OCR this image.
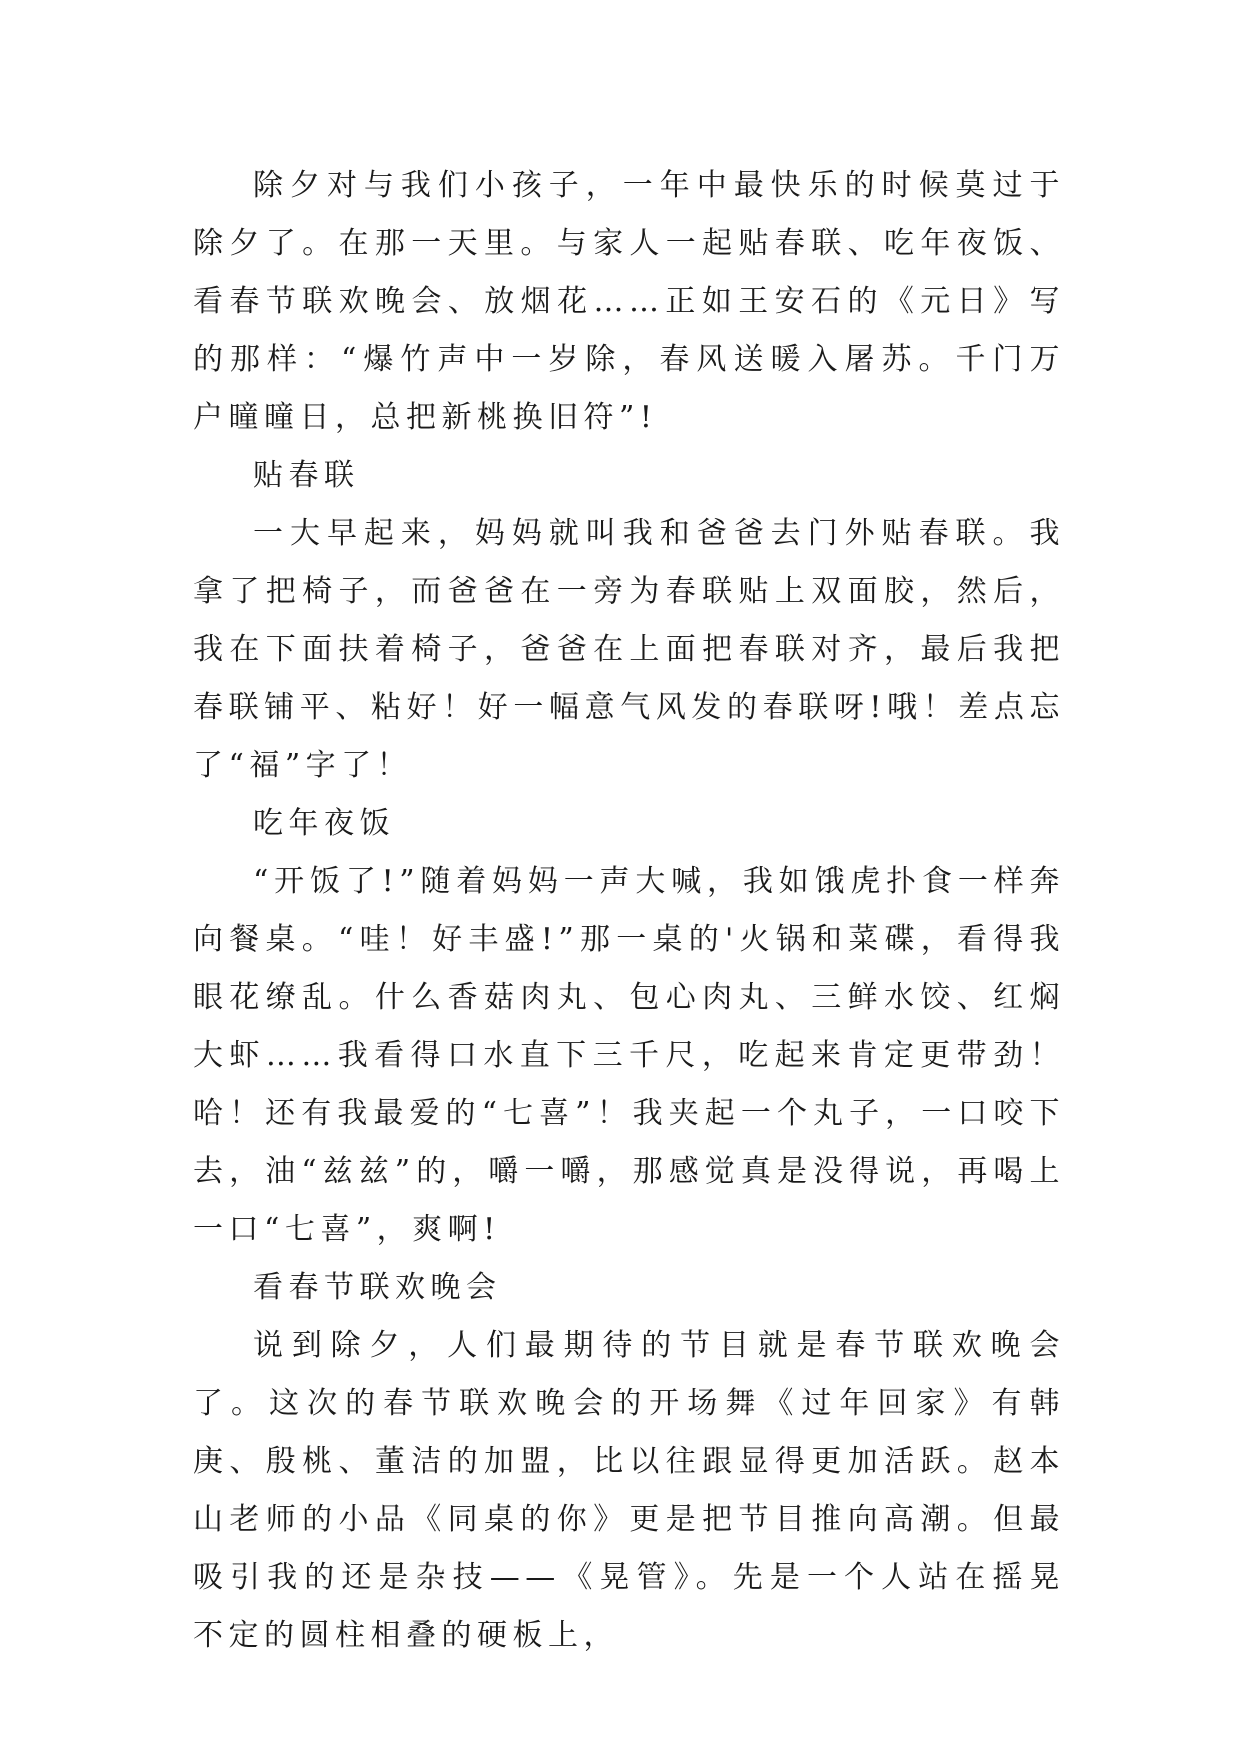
除夕对与我们小孩子，一年中最快乐的时候莫过于除夕了。在那一天里。与家人一起贴春联、吃年夜饭、看春节联欢晚会、放烟花……正如王安石的《元日》写的那样：“爆竹声中一岁除，春风送暖入屠苏。千门万户曈曈日，总把新桃换旧符”!

贴春联

一大早起来，妈妈就叫我和爸爸去门外贴春联。我拿了把椅子，而爸爸在一旁为春联贴上双面胶，然后，我在下面扶着椅子，爸爸在上面把春联对齐，最后我把春联铺平、粘好！好一幅意气风发的春联呀!哦！差点忘了“福”字了！

吃年夜饭

“开饭了!”随着妈妈一声大喊，我如饿虎扑食一样奔向餐桌。“哇！好丰盛!”那一桌的'火锅和菜碟，看得我眼花缭乱。什么香菇肉丸、包心肉丸、三鲜水饺、红焖大虾……我看得口水直下三千尺，吃起来肯定更带劲！哈！还有我最爱的“七喜”！我夹起一个丸子，一口咬下去，油“兹兹”的，嚼一嚼，那感觉真是没得说，再喝上一口“七喜”，爽啊!

看春节联欢晚会

说到除夕，人们最期待的节目就是春节联欢晚会了。这次的春节联欢晚会的开场舞《过年回家》有韩庚、殷桃、董洁的加盟，比以往跟显得更加活跃。赵本山老师的小品《同桌的你》更是把节目推向高潮。但最吸引我的还是杂技——《晃管》。先是一个人站在摇晃不定的圆柱相叠的硬板上，
